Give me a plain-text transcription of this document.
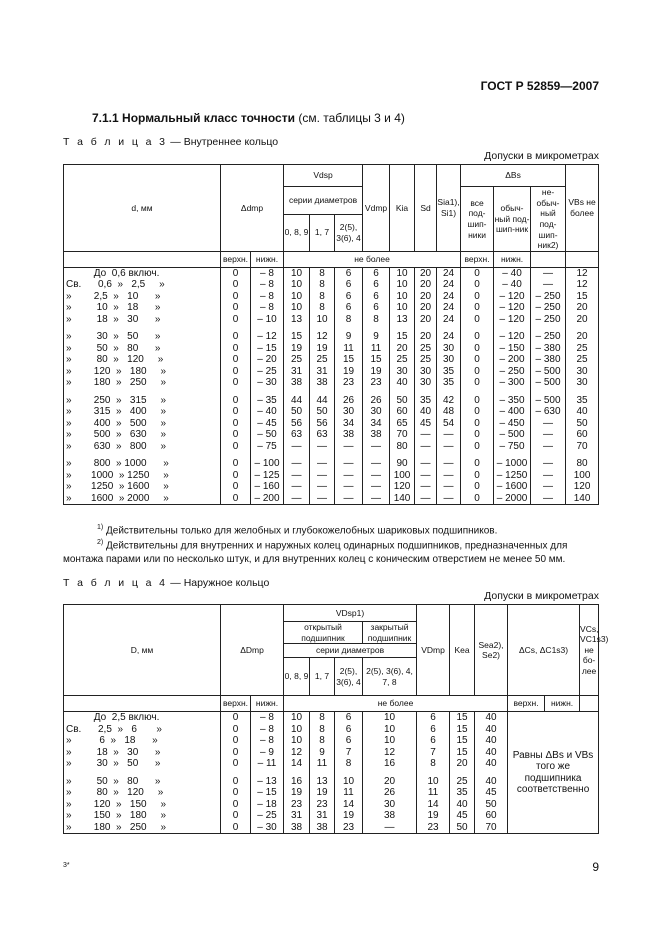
ГОСТ Р 52859—2007
7.1.1 Нормальный класс точности (см. таблицы 3 и 4)
Т а б л и ц а 3 — Внутреннее кольцо
Допуски в микрометрах
d, мм	Δdmp		Vdsp			Vdmp	Kia	Sd	Sia1), Si1)	ΔBs			VBs не более
			серии диаметров							все под-шип-ники	обыч-ный под-шип-ник	не-обыч-ный под-шип-ник2)	
			0, 8, 9	1, 7	2(5), 3(6), 4								
	верхн.	нижн.	не более							верхн.	нижн.		
До  0,6 включ.	0	– 8	10	8	6	6	10	20	24	0	– 40	—	12
Св.      0,6  »   2,5     »	0	– 8	10	8	6	6	10	20	24	0	– 40	—	12
»        2,5  »   10      »	0	– 8	10	8	6	6	10	20	24	0	– 120	– 250	15
»         10  »   18      »	0	– 8	10	8	6	6	10	20	24	0	– 120	– 250	20
»         18  »   30      »	0	– 10	13	10	8	8	13	20	24	0	– 120	– 250	20

»         30  »   50      »	0	– 12	15	12	9	9	15	20	24	0	– 120	– 250	20
»         50  »   80      »	0	– 15	19	19	11	11	20	25	30	0	– 150	– 380	25
»         80  »   120     »	0	– 20	25	25	15	15	25	25	30	0	– 200	– 380	25
»        120  »   180     »	0	– 25	31	31	19	19	30	30	35	0	– 250	– 500	30
»        180  »   250     »	0	– 30	38	38	23	23	40	30	35	0	– 300	– 500	30

»        250  »   315     »	0	– 35	44	44	26	26	50	35	42	0	– 350	– 500	35
»        315  »   400     »	0	– 40	50	50	30	30	60	40	48	0	– 400	– 630	40
»        400  »   500     »	0	– 45	56	56	34	34	65	45	54	0	– 450	—	50
»        500  »   630     »	0	– 50	63	63	38	38	70	—	—	0	– 500	—	60
»        630  »   800     »	0	– 75	—	—	—	—	80	—	—	0	– 750	—	70

»        800  » 1000      »	0	– 100	—	—	—	—	90	—	—	0	– 1000	—	80
»       1000  » 1250     »	0	– 125	—	—	—	—	100	—	—	0	– 1250	—	100
»       1250  » 1600     »	0	– 160	—	—	—	—	120	—	—	0	– 1600	—	120
»       1600  » 2000     »	0	– 200	—	—	—	—	140	—	—	0	– 2000	—	140
$^{1)}$ Действительны только для желобных и глубокожелобных шариковых подшипников.
$^{2)}$ Действительны для внутренних и наружных колец одинарных подшипников, предназначенных для монтажа парами или по несколько штук, и для внутренних колец с коническим отверстием не менее 50 мм.
Т а б л и ц а 4 — Наружное кольцо
Допуски в микрометрах
D, мм	ΔDmp		VDsp1)				VDmp	Kea	Sea2), Se2)	ΔCs, ΔC1s3)		VCs, VC1s3) не бо-лее
			открытый подшипник			закрытый подшипник						
			серии диаметров									
			0, 8, 9	1, 7	2(5), 3(6), 4	2(5), 3(6), 4, 7, 8						
	верхн.	нижн.	не более							верхн.	нижн.	
До  2,5 включ.	0	– 8	10	8	6	10	6	15	40	Равны ΔBs и VBs того же подшипника соответственно		
Св.      2,5  »   6       »	0	– 8	10	8	6	10	6	15	40			
»          6  »   18      »	0	– 8	10	8	6	10	6	15	40			
»         18  »   30      »	0	– 9	12	9	7	12	7	15	40			
»         30  »   50      »	0	– 11	14	11	8	16	8	20	40			

»         50  »   80      »	0	– 13	16	13	10	20	10	25	40			
»         80  »   120     »	0	– 15	19	19	11	26	11	35	45			
»        120  »   150     »	0	– 18	23	23	14	30	14	40	50			
»        150  »   180     »	0	– 25	31	31	19	38	19	45	60			
»        180  »   250     »	0	– 30	38	38	23	—	23	50	70			
3*	9
